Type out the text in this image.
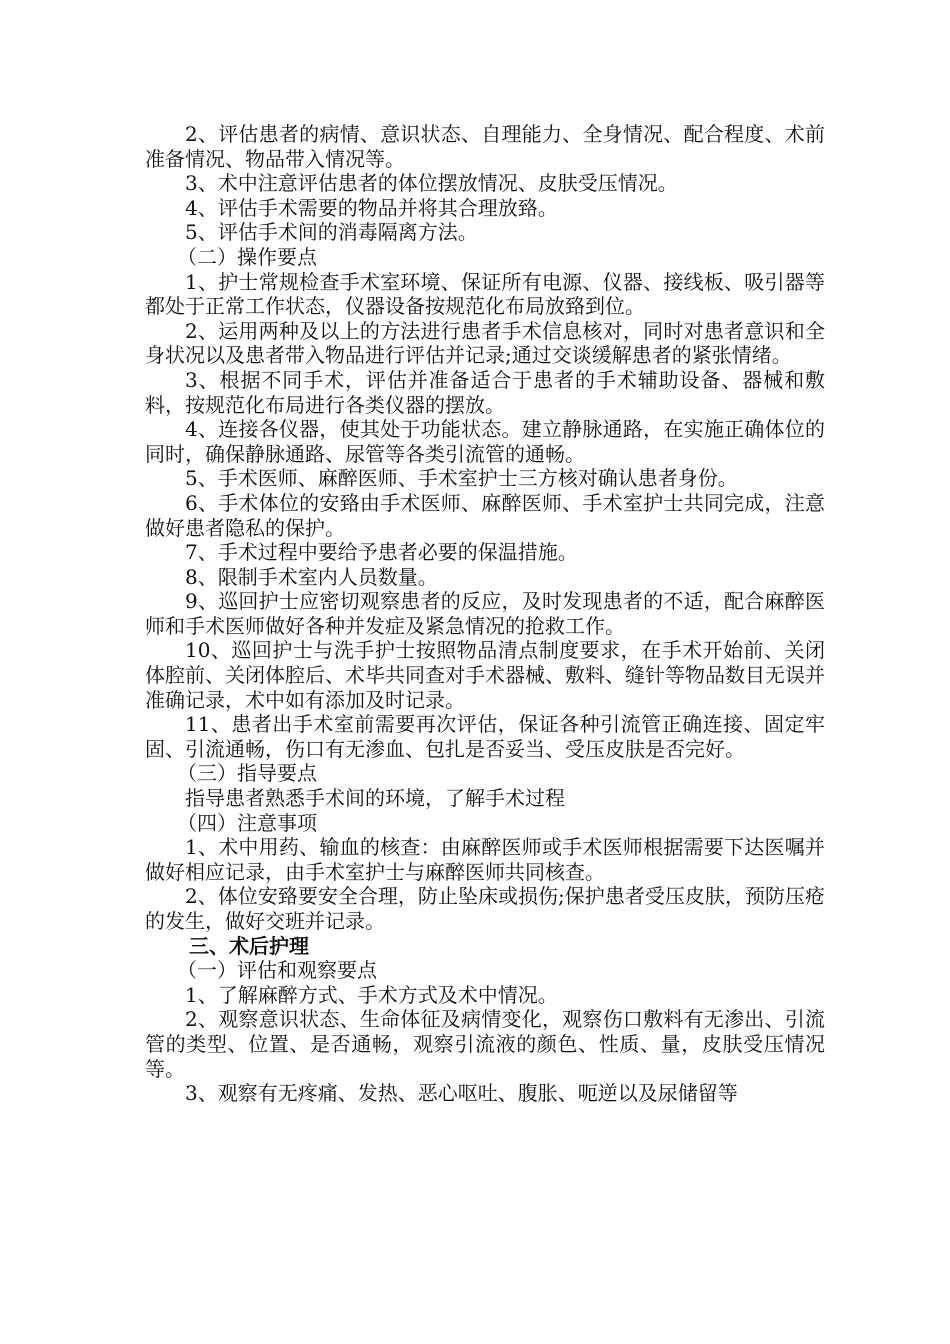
2、评估患者的病情、意识状态、自理能力、全身情况、配合程度、术前准备情况、物品带入情况等。

3、术中注意评估患者的体位摆放情况、皮肤受压情况。

4、评估手术需要的物品并将其合理放臵。

5、评估手术间的消毒隔离方法。

（二）操作要点

1、护士常规检查手术室环境、保证所有电源、仪器、接线板、吸引器等都处于正常工作状态，仪器设备按规范化布局放臵到位。

2、运用两种及以上的方法进行患者手术信息核对，同时对患者意识和全身状况以及患者带入物品进行评估并记录;通过交谈缓解患者的紧张情绪。

3、根据不同手术，评估并准备适合于患者的手术辅助设备、器械和敷料，按规范化布局进行各类仪器的摆放。

4、连接各仪器，使其处于功能状态。建立静脉通路，在实施正确体位的同时，确保静脉通路、尿管等各类引流管的通畅。

5、手术医师、麻醉医师、手术室护士三方核对确认患者身份。

6、手术体位的安臵由手术医师、麻醉医师、手术室护士共同完成，注意做好患者隐私的保护。

7、手术过程中要给予患者必要的保温措施。

8、限制手术室内人员数量。

9、巡回护士应密切观察患者的反应，及时发现患者的不适，配合麻醉医师和手术医师做好各种并发症及紧急情况的抢救工作。

10、巡回护士与洗手护士按照物品清点制度要求，在手术开始前、关闭体腔前、关闭体腔后、术毕共同查对手术器械、敷料、缝针等物品数目无误并准确记录，术中如有添加及时记录。

11、患者出手术室前需要再次评估，保证各种引流管正确连接、固定牢固、引流通畅，伤口有无渗血、包扎是否妥当、受压皮肤是否完好。

（三）指导要点

指导患者熟悉手术间的环境，了解手术过程

（四）注意事项

1、术中用药、输血的核查：由麻醉医师或手术医师根据需要下达医嘱并做好相应记录，由手术室护士与麻醉医师共同核查。

2、体位安臵要安全合理，防止坠床或损伤;保护患者受压皮肤，预防压疮的发生，做好交班并记录。

三、术后护理

（一）评估和观察要点

1、了解麻醉方式、手术方式及术中情况。

2、观察意识状态、生命体征及病情变化，观察伤口敷料有无渗出、引流管的类型、位置、是否通畅，观察引流液的颜色、性质、量，皮肤受压情况等。

3、观察有无疼痛、发热、恶心呕吐、腹胀、呃逆以及尿储留等
